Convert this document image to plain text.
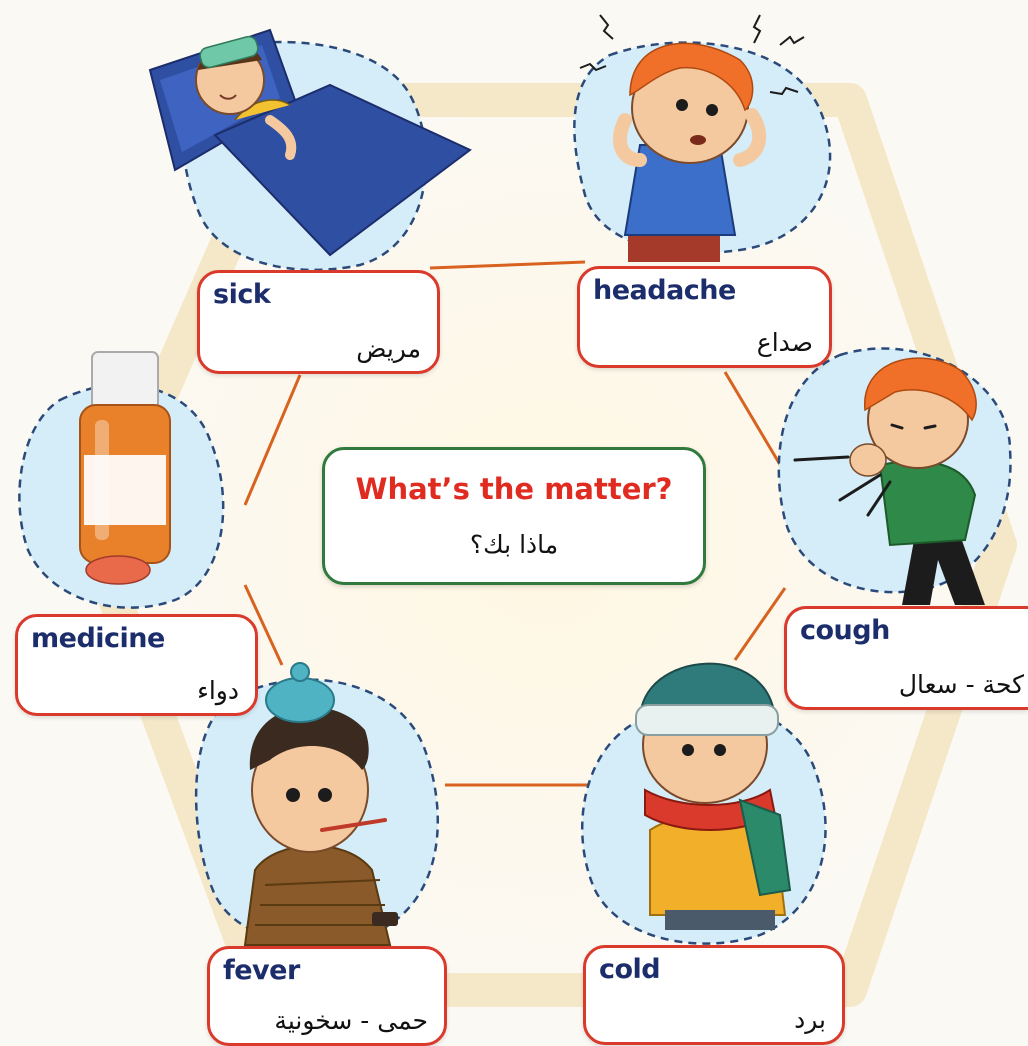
sick
مريض
headache
صداع
cough
كحة - سعال
medicine
دواء
fever
حمى - سخونية
cold
برد
What’s the matter?
ماذا بك؟
